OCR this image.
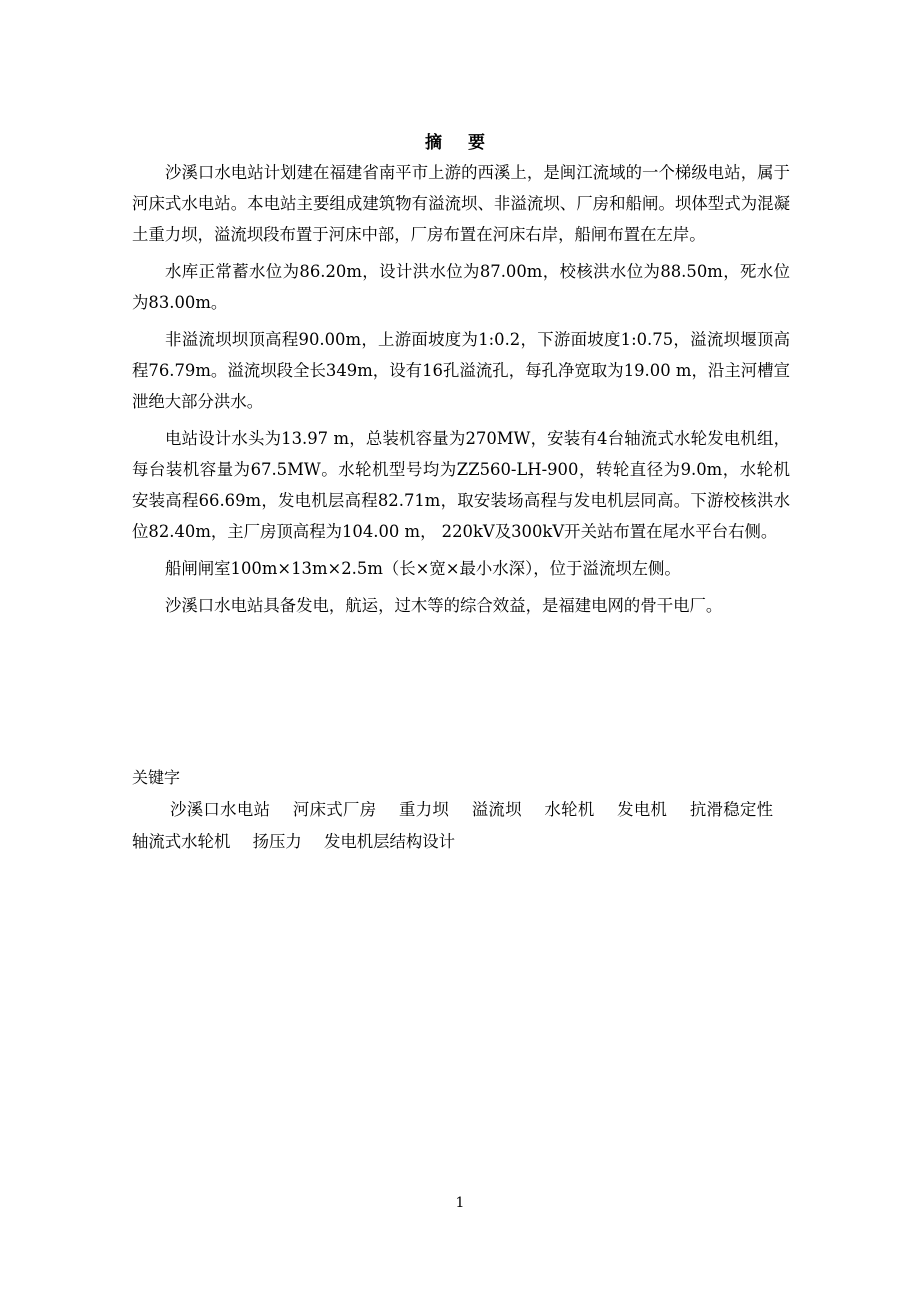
摘 要

沙溪口水电站计划建在福建省南平市上游的西溪上，是闽江流域的一个梯级电站，属于河床式水电站。本电站主要组成建筑物有溢流坝、非溢流坝、厂房和船闸。坝体型式为混凝土重力坝，溢流坝段布置于河床中部，厂房布置在河床右岸，船闸布置在左岸。

水库正常蓄水位为86.20m，设计洪水位为87.00m，校核洪水位为88.50m，死水位为83.00m。

非溢流坝坝顶高程90.00m，上游面坡度为1:0.2，下游面坡度1:0.75，溢流坝堰顶高程76.79m。溢流坝段全长349m，设有16孔溢流孔，每孔净宽取为19.00 m，沿主河槽宣泄绝大部分洪水。

电站设计水头为13.97 m，总装机容量为270MW，安装有4台轴流式水轮发电机组，每台装机容量为67.5MW。水轮机型号均为ZZ560-LH-900，转轮直径为9.0m，水轮机安装高程66.69m，发电机层高程82.71m，取安装场高程与发电机层同高。下游校核洪水位82.40m，主厂房顶高程为104.00 m， 220kV及300kV开关站布置在尾水平台右侧。

船闸闸室100m×13m×2.5m（长×宽×最小水深），位于溢流坝左侧。

沙溪口水电站具备发电，航运，过木等的综合效益，是福建电网的骨干电厂。

关键字
沙溪口水电站 河床式厂房 重力坝 溢流坝 水轮机 发电机 抗滑稳定性 轴流式水轮机 扬压力 发电机层结构设计
1
